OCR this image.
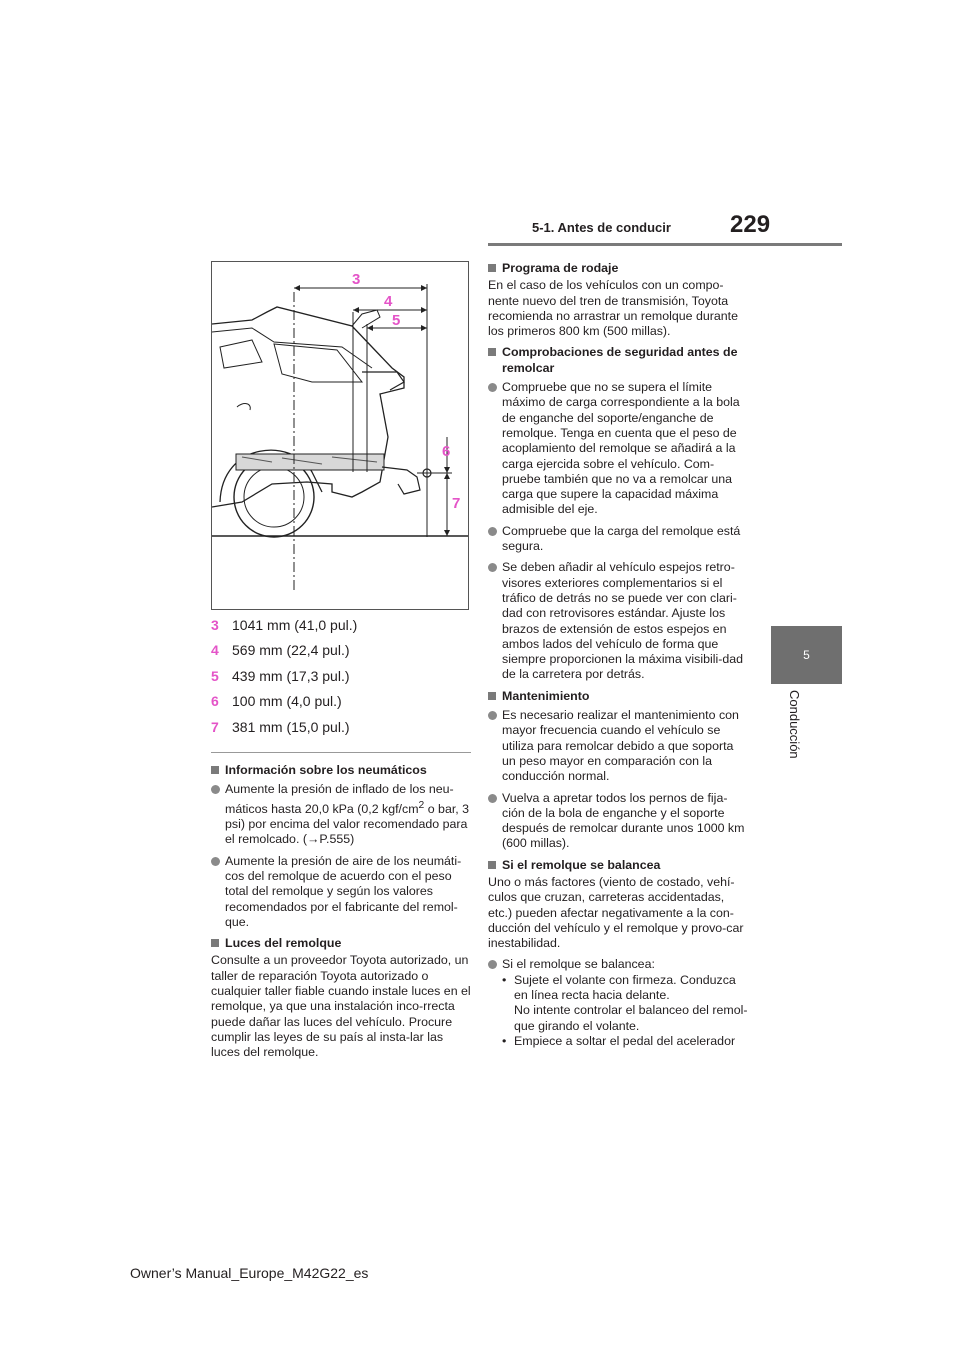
5-1. Antes de conducir 229
5
Conducción
3
4
5
6
7
3 1041 mm (41,0 pul.)
4 569 mm (22,4 pul.)
5 439 mm (17,3 pul.)
6 100 mm (4,0 pul.)
7 381 mm (15,0 pul.)
Información sobre los neumáticos
Aumente la presión de inflado de los neu-máticos hasta 20,0 kPa (0,2 kgf/$cm^2$ o bar, 3 psi) por encima del valor recomendado para el remolcado. (→P.555)
Aumente la presión de aire de los neumáti-cos del remolque de acuerdo con el peso total del remolque y según los valores recomendados por el fabricante del remol-que.
Luces del remolque
Consulte a un proveedor Toyota autorizado, un taller de reparación Toyota autorizado o cualquier taller fiable cuando instale luces en el remolque, ya que una instalación inco-rrecta puede dañar las luces del vehículo. Procure cumplir las leyes de su país al insta-lar las luces del remolque.
Programa de rodaje
En el caso de los vehículos con un compo-nente nuevo del tren de transmisión, Toyota recomienda no arrastrar un remolque durante los primeros 800 km (500 millas).
Comprobaciones de seguridad antes de remolcar
Compruebe que no se supera el límite máximo de carga correspondiente a la bola de enganche del soporte/enganche de remolque. Tenga en cuenta que el peso de acoplamiento del remolque se añadirá a la carga ejercida sobre el vehículo. Com-pruebe también que no va a remolcar una carga que supere la capacidad máxima admisible del eje.
Compruebe que la carga del remolque está segura.
Se deben añadir al vehículo espejos retro-visores exteriores complementarios si el tráfico de detrás no se puede ver con clari-dad con retrovisores estándar. Ajuste los brazos de extensión de estos espejos en ambos lados del vehículo de forma que siempre proporcionen la máxima visibili-dad de la carretera por detrás.
Mantenimiento
Es necesario realizar el mantenimiento con mayor frecuencia cuando el vehículo se utiliza para remolcar debido a que soporta un peso mayor en comparación con la conducción normal.
Vuelva a apretar todos los pernos de fija-ción de la bola de enganche y el soporte después de remolcar durante unos 1000 km (600 millas).
Si el remolque se balancea
Uno o más factores (viento de costado, vehí-culos que cruzan, carreteras accidentadas, etc.) pueden afectar negativamente a la con-ducción del vehículo y el remolque y provo-car inestabilidad.
Si el remolque se balancea:
• Sujete el volante con firmeza. Conduzca en línea recta hacia delante.
No intente controlar el balanceo del remol-que girando el volante.
• Empiece a soltar el pedal del acelerador
Owner’s Manual_Europe_M42G22_es
